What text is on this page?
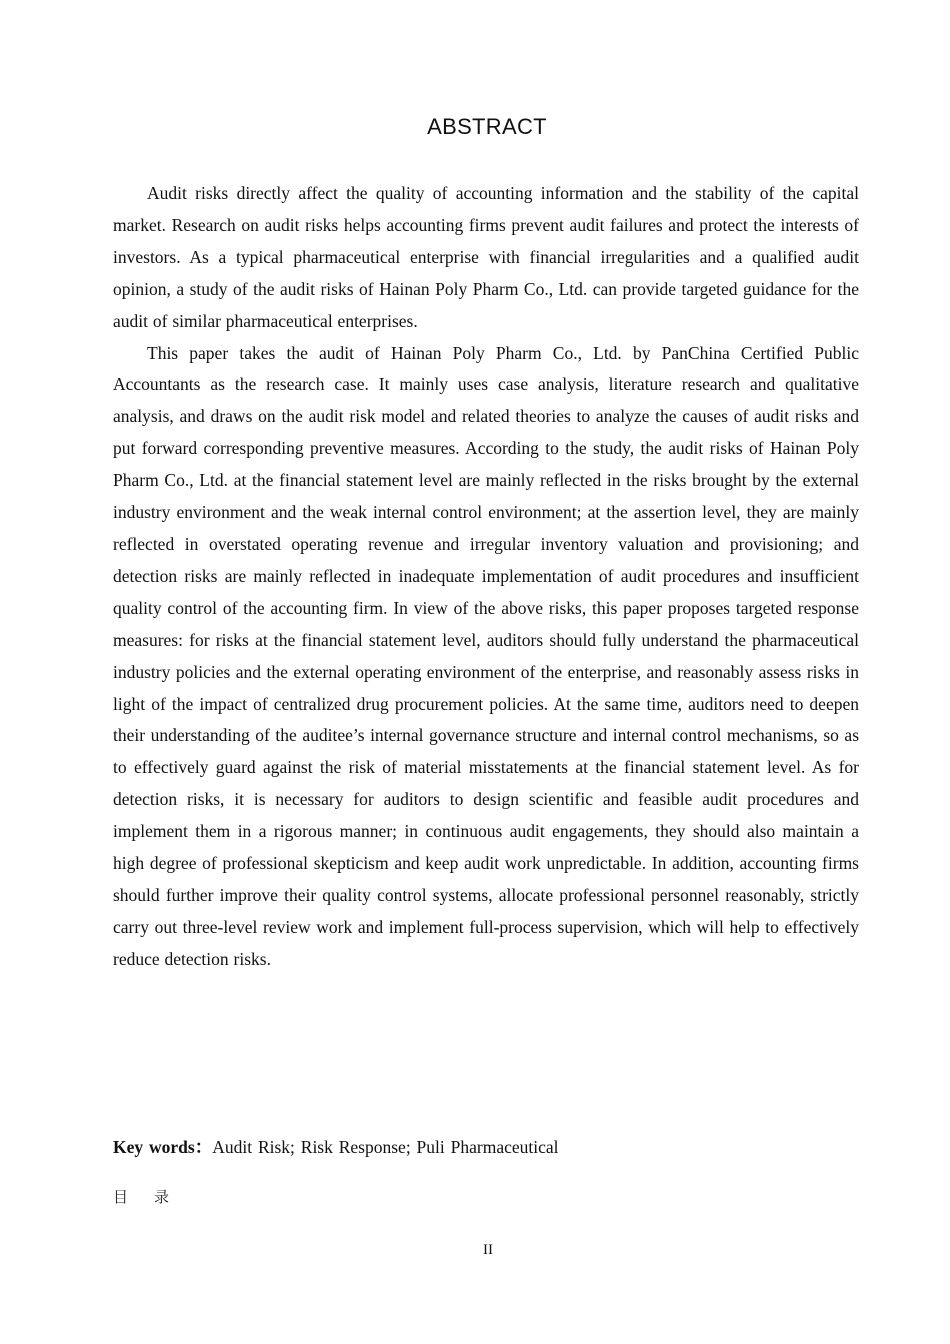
ABSTRACT

Audit risks directly affect the quality of accounting information and the stability of the capital market. Research on audit risks helps accounting firms prevent audit failures and protect the interests of investors. As a typical pharmaceutical enterprise with financial irregularities and a qualified audit opinion, a study of the audit risks of Hainan Poly Pharm Co., Ltd. can provide targeted guidance for the audit of similar pharmaceutical enterprises.

This paper takes the audit of Hainan Poly Pharm Co., Ltd. by PanChina Certified Public Accountants as the research case. It mainly uses case analysis, literature research and qualitative analysis, and draws on the audit risk model and related theories to analyze the causes of audit risks and put forward corresponding preventive measures. According to the study, the audit risks of Hainan Poly Pharm Co., Ltd. at the financial statement level are mainly reflected in the risks brought by the external industry environment and the weak internal control environment; at the assertion level, they are mainly reflected in overstated operating revenue and irregular inventory valuation and provisioning; and detection risks are mainly reflected in inadequate implementation of audit procedures and insufficient quality control of the accounting firm. In view of the above risks, this paper proposes targeted response measures: for risks at the financial statement level, auditors should fully understand the pharmaceutical industry policies and the external operating environment of the enterprise, and reasonably assess risks in light of the impact of centralized drug procurement policies. At the same time, auditors need to deepen their understanding of the auditee’s internal governance structure and internal control mechanisms, so as to effectively guard against the risk of material misstatements at the financial statement level. As for detection risks, it is necessary for auditors to design scientific and feasible audit procedures and implement them in a rigorous manner; in continuous audit engagements, they should also maintain a high degree of professional skepticism and keep audit work unpredictable. In addition, accounting firms should further improve their quality control systems, allocate professional personnel reasonably, strictly carry out three-level review work and implement full-process supervision, which will help to effectively reduce detection risks.

Key words：Audit Risk; Risk Response; Puli Pharmaceutical

目录

II
